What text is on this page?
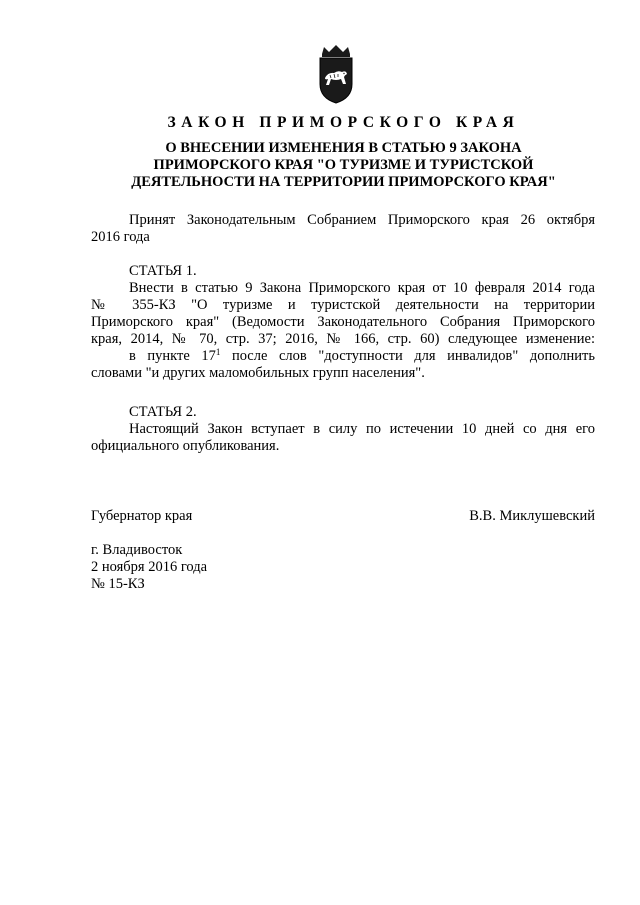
ЗАКОН ПРИМОРСКОГО КРАЯ
О ВНЕСЕНИИ ИЗМЕНЕНИЯ В СТАТЬЮ 9 ЗАКОНА
ПРИМОРСКОГО КРАЯ "О ТУРИЗМЕ И ТУРИСТСКОЙ
ДЕЯТЕЛЬНОСТИ НА ТЕРРИТОРИИ ПРИМОРСКОГО КРАЯ"
Принят Законодательным Собранием Приморского края 26 октября
2016 года
СТАТЬЯ 1.
Внести в статью 9 Закона Приморского края от 10 февраля 2014 года
№ 355-КЗ "О туризме и туристской деятельности на территории
Приморского края" (Ведомости Законодательного Собрания Приморского
края, 2014, № 70, стр. 37; 2016, № 166, стр. 60) следующее изменение:
в пункте $17^1$ после слов "доступности для инвалидов" дополнить
словами "и других маломобильных групп населения".
СТАТЬЯ 2.
Настоящий Закон вступает в силу по истечении 10 дней со дня его
официального опубликования.
Губернатор края	В.В. Миклушевский
г. Владивосток
2 ноября 2016 года
№ 15-КЗ
